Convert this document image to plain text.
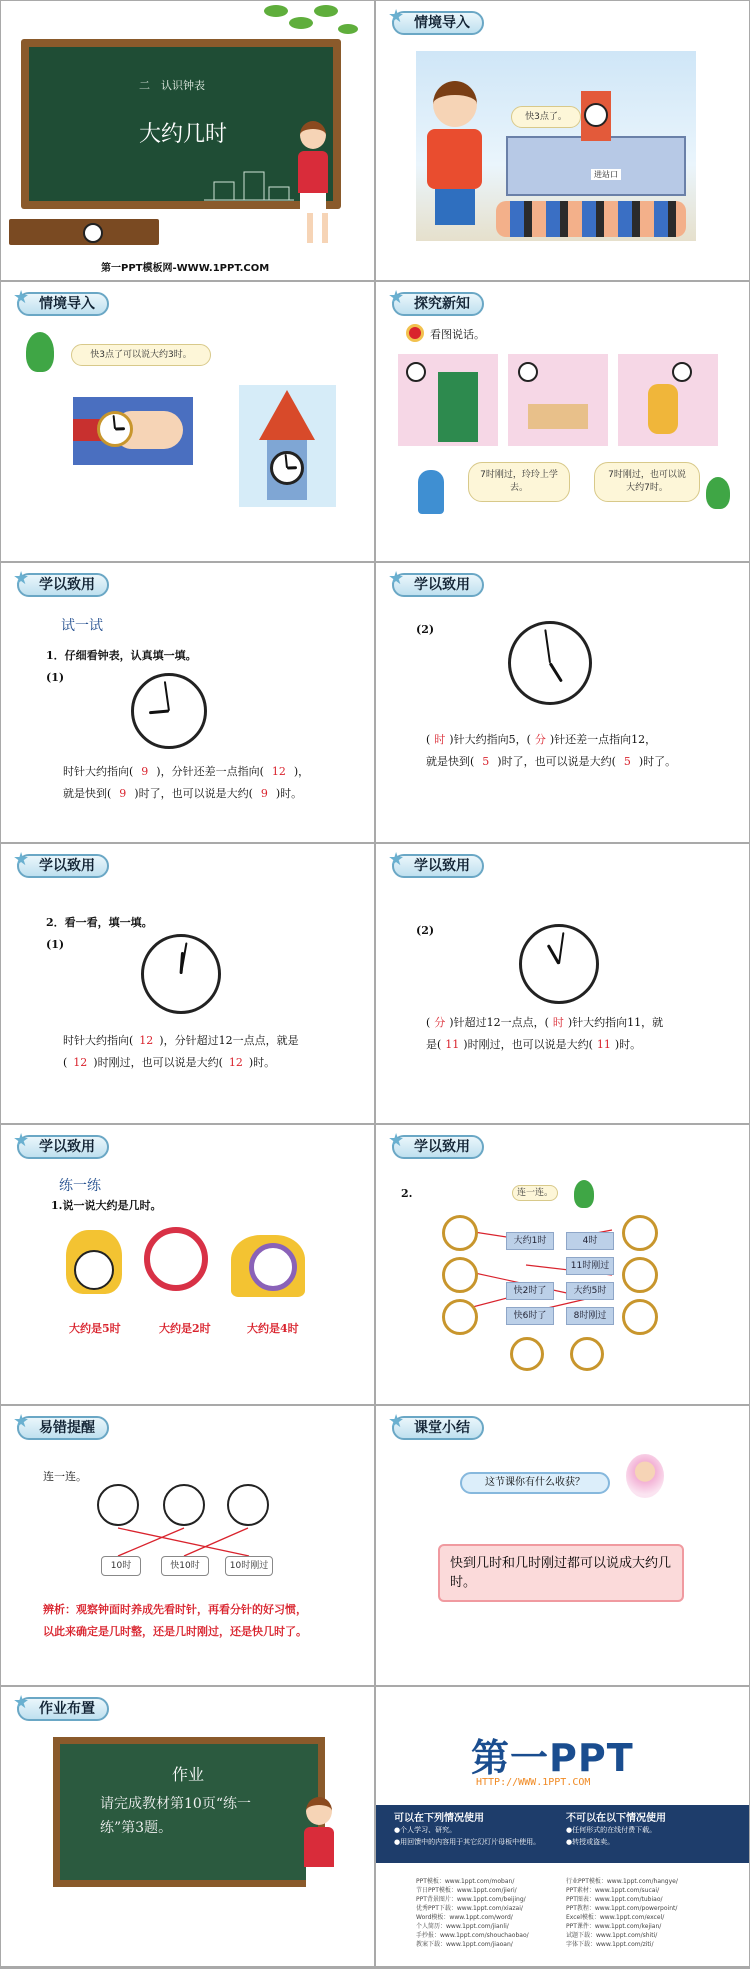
二　认识钟表
大约几时

第一PPT模板网-WWW.1PPT.COM
★ 情境导入
进站口
快3点了。
★ 情境导入
快3点了可以说大约3时。
★ 探究新知
看图说话。
7时刚过，玲玲上学去。
7时刚过，也可以说大约7时。
★ 学以致用
试一试
1．仔细看钟表，认真填一填。
(1)
时针大约指向( 9 )，分针还差一点指向( 12 )，
就是快到( 9 )时了，也可以说是大约( 9 )时。
★ 学以致用
(2)
( 时 )针大约指向5，( 分 )针还差一点指向12，
就是快到( 5 )时了，也可以说是大约( 5 )时了。
★ 学以致用
2．看一看，填一填。
(1)
时针大约指向( 12 )，分针超过12一点点，就是
( 12 )时刚过，也可以说是大约( 12 )时。
★ 学以致用
(2)
( 分 )针超过12一点点，( 时 )针大约指向11，就
是( 11 )时刚过，也可以说是大约( 11 )时。
★ 学以致用
练一练
1.说一说大约是几时。
大约是5时	大约是2时	大约是4时
★ 学以致用
2.	连一连。
大约1时	4时
11时刚过
快2时了	大约5时
快6时了	8时刚过
★ 易错提醒
连一连。
10时	快10时	10时刚过
辨析：观察钟面时养成先看时针，再看分针的好习惯，
以此来确定是几时整，还是几时刚过，还是快几时了。
★ 课堂小结
这节课你有什么收获？
快到几时和几时刚过都可以说成大约几时。
★ 作业布置
作业
请完成教材第10页“练一练”第3题。
第一PPT
HTTP://WWW.1PPT.COM
可以在下列情况使用
●个人学习、研究。
●用回馈中的内容用于其它幻灯片母板中使用。
不可以在以下情况使用
●任何形式的在线付费下载。
●转授或盗卖。
PPT模板：www.1ppt.com/moban/
节日PPT模板：www.1ppt.com/jieri/
PPT背景图片：www.1ppt.com/beijing/
优秀PPT下载：www.1ppt.com/xiazai/
Word模板：www.1ppt.com/word/
个人简历：www.1ppt.com/jianli/
手抄报：www.1ppt.com/shouchaobao/
教案下载：www.1ppt.com/jiaoan/
行业PPT模板：www.1ppt.com/hangye/
PPT素材：www.1ppt.com/sucai/
PPT图表：www.1ppt.com/tubiao/
PPT教程：www.1ppt.com/powerpoint/
Excel模板：www.1ppt.com/excel/
PPT课件：www.1ppt.com/kejian/
试题下载：www.1ppt.com/shiti/
字体下载：www.1ppt.com/ziti/
